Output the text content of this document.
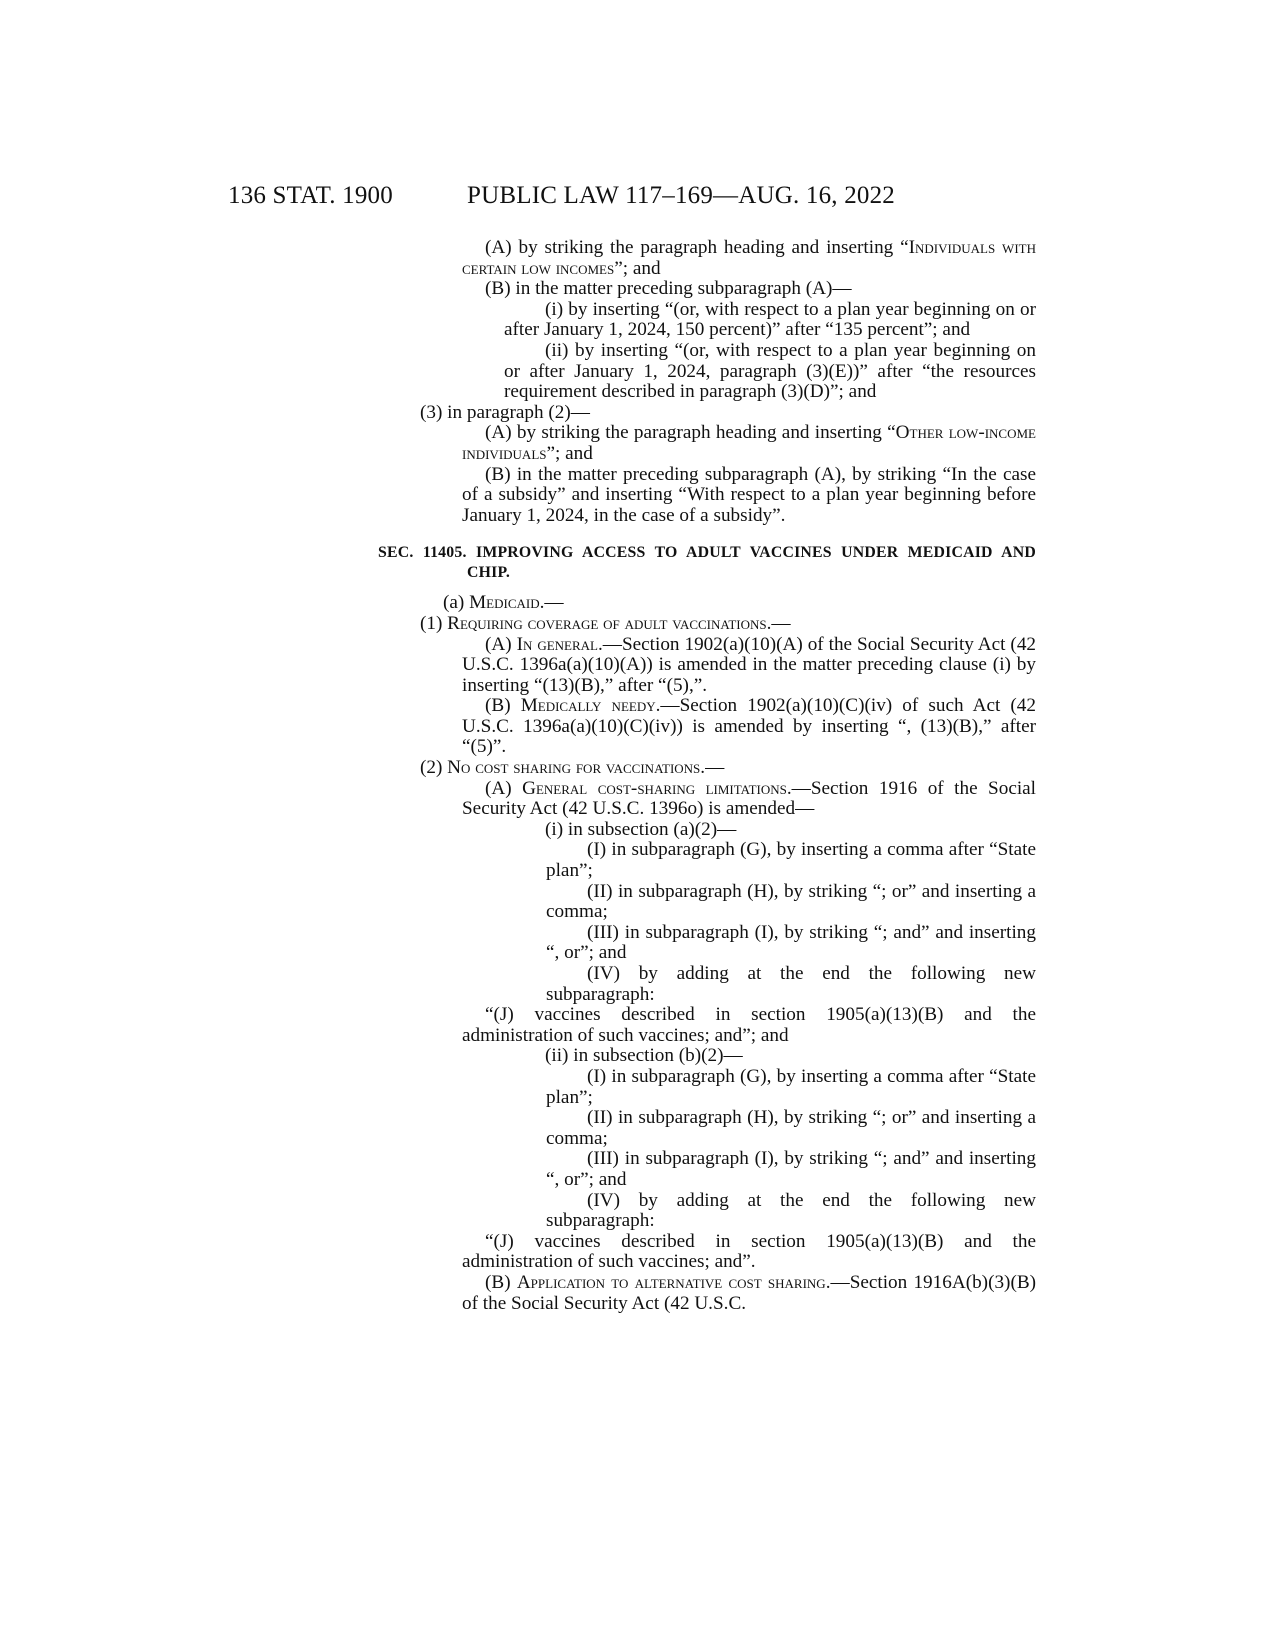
136 STAT. 1900	PUBLIC LAW 117–169—AUG. 16, 2022

(A) by striking the paragraph heading and inserting “Individuals with certain low incomes”; and

(B) in the matter preceding subparagraph (A)—

(i) by inserting “(or, with respect to a plan year beginning on or after January 1, 2024, 150 percent)” after “135 percent”; and

(ii) by inserting “(or, with respect to a plan year beginning on or after January 1, 2024, paragraph (3)(E))” after “the resources requirement described in paragraph (3)(D)”; and

(3) in paragraph (2)—

(A) by striking the paragraph heading and inserting “Other low-income individuals”; and

(B) in the matter preceding subparagraph (A), by striking “In the case of a subsidy” and inserting “With respect to a plan year beginning before January 1, 2024, in the case of a subsidy”.

SEC. 11405. IMPROVING ACCESS TO ADULT VACCINES UNDER MEDICAID AND CHIP.

(a) Medicaid.—

(1) Requiring coverage of adult vaccinations.—

(A) In general.—Section 1902(a)(10)(A) of the Social Security Act (42 U.S.C. 1396a(a)(10)(A)) is amended in the matter preceding clause (i) by inserting “(13)(B),” after “(5),”.

(B) Medically needy.—Section 1902(a)(10)(C)(iv) of such Act (42 U.S.C. 1396a(a)(10)(C)(iv)) is amended by inserting “, (13)(B),” after “(5)”.

(2) No cost sharing for vaccinations.—

(A) General cost-sharing limitations.—Section 1916 of the Social Security Act (42 U.S.C. 1396o) is amended—

(i) in subsection (a)(2)—

(I) in subparagraph (G), by inserting a comma after “State plan”;

(II) in subparagraph (H), by striking “; or” and inserting a comma;

(III) in subparagraph (I), by striking “; and” and inserting “, or”; and

(IV) by adding at the end the following new subparagraph:

“(J) vaccines described in section 1905(a)(13)(B) and the administration of such vaccines; and”; and

(ii) in subsection (b)(2)—

(I) in subparagraph (G), by inserting a comma after “State plan”;

(II) in subparagraph (H), by striking “; or” and inserting a comma;

(III) in subparagraph (I), by striking “; and” and inserting “, or”; and

(IV) by adding at the end the following new subparagraph:

“(J) vaccines described in section 1905(a)(13)(B) and the administration of such vaccines; and”.

(B) Application to alternative cost sharing.—Section 1916A(b)(3)(B) of the Social Security Act (42 U.S.C.
